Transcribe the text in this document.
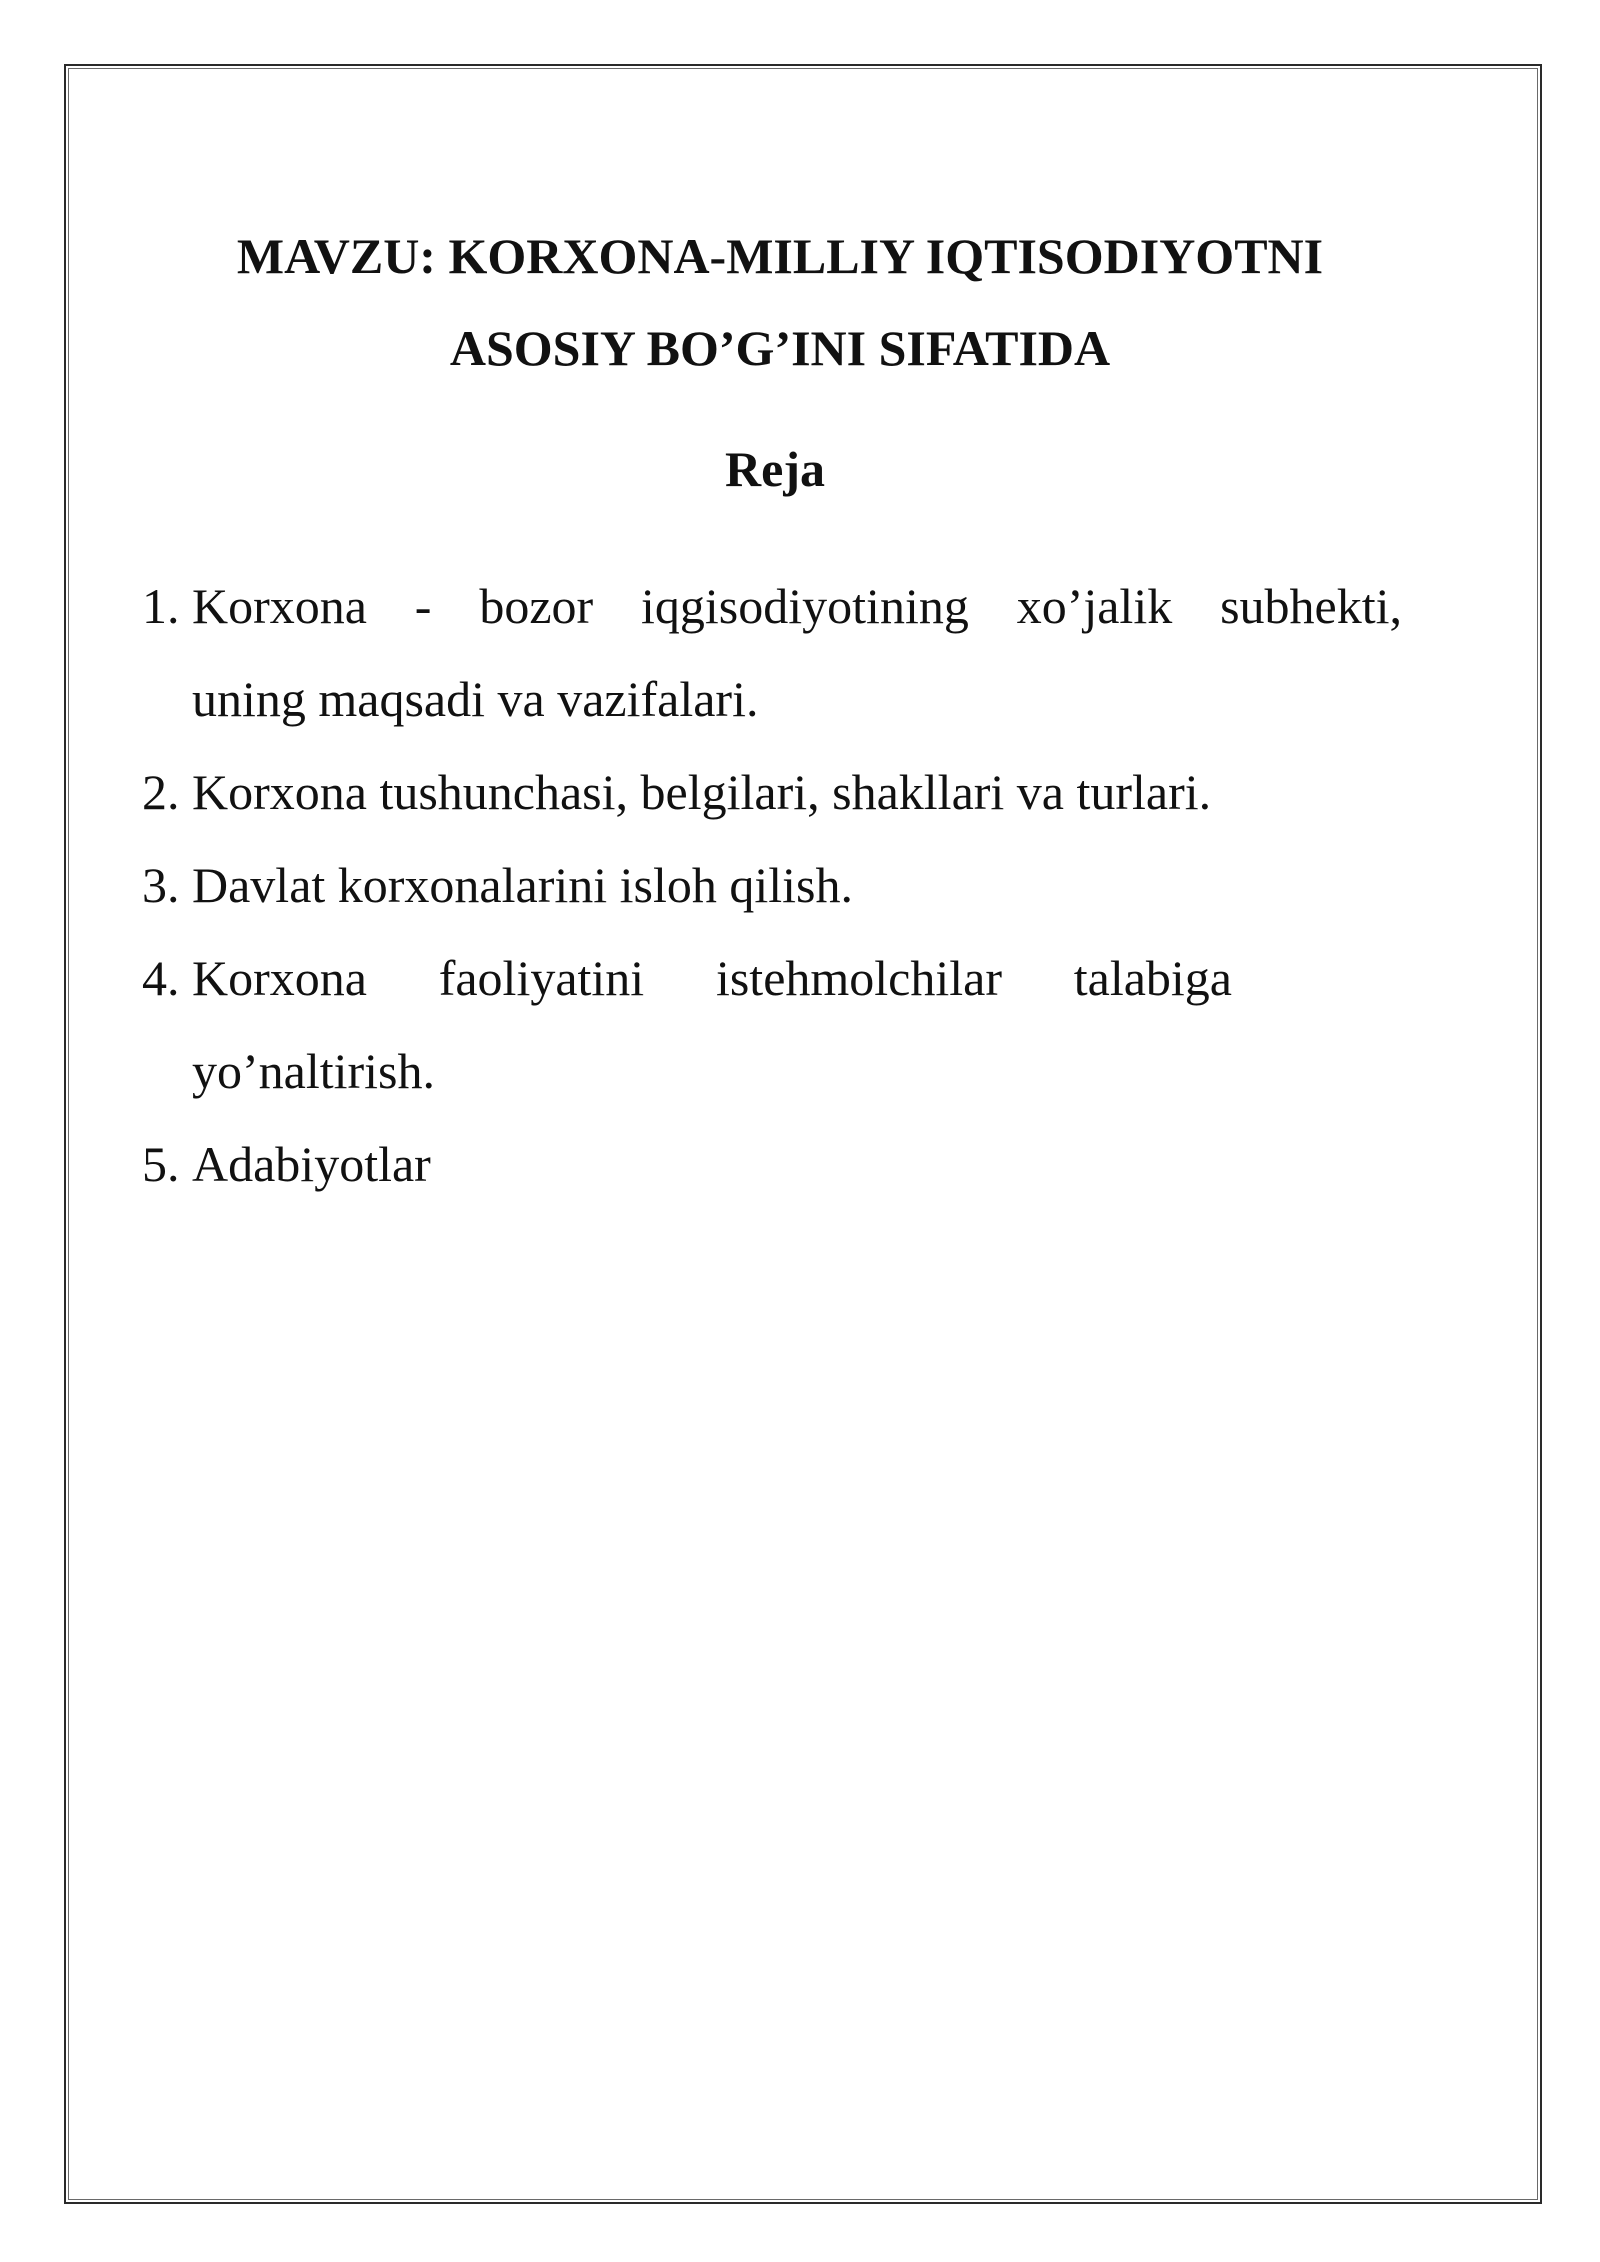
MAVZU: KORXONA-MILLIY IQTISODIYOTNI
ASOSIY BO’G’INI SIFATIDA
Reja
1. Korxona - bozor iqgisodiyotining xo’jalik subhekti,
uning maqsadi va vazifalari.
2. Korxona tushunchasi, belgilari, shakllari va turlari.
3. Davlat korxonalarini isloh qilish.
4. Korxona faoliyatini istehmolchilar talabiga
yo’naltirish.
5. Adabiyotlar
